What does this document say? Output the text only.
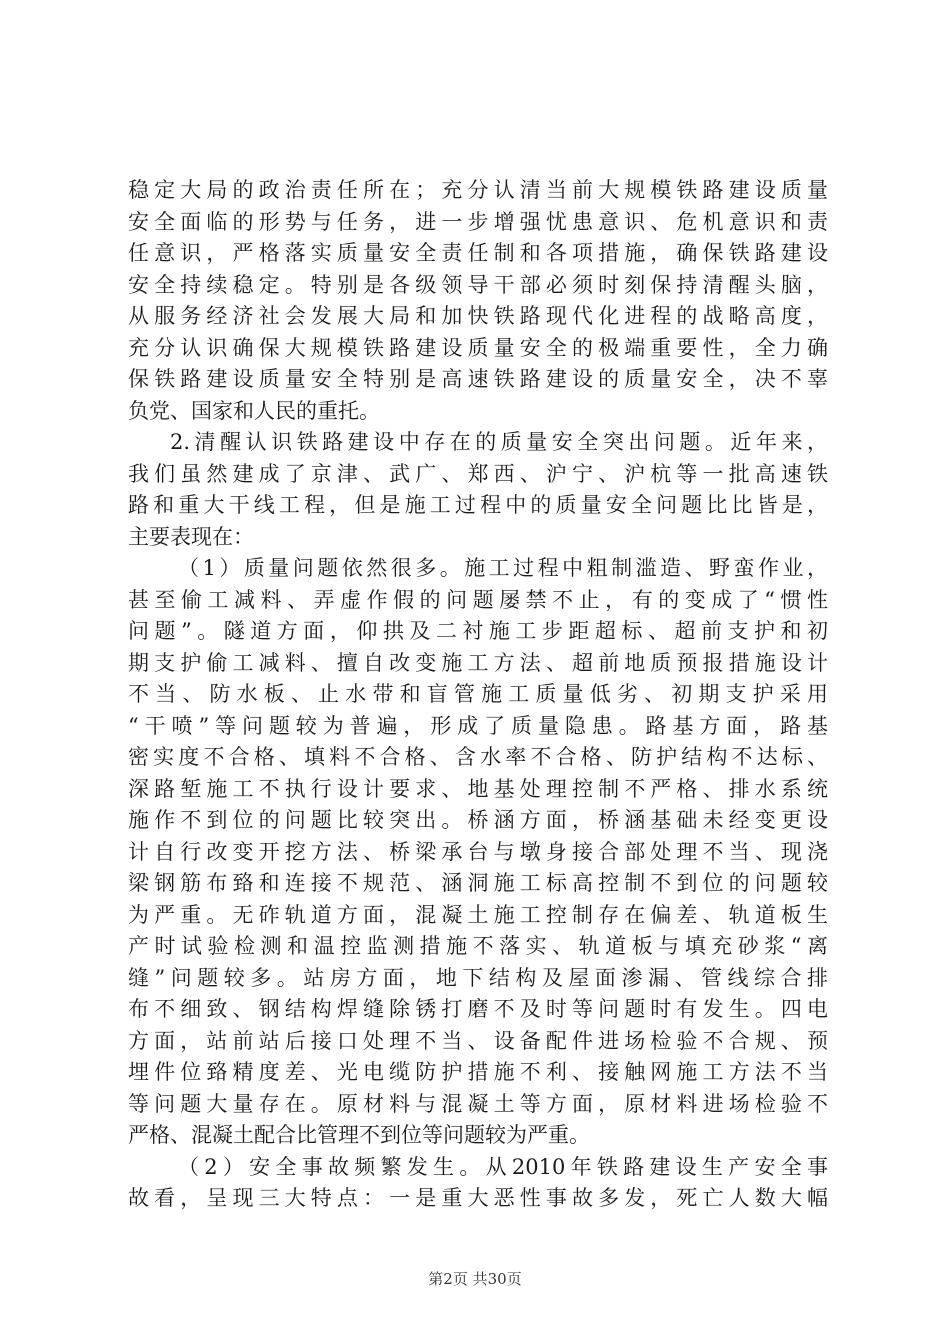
稳定大局的政治责任所在；充分认清当前大规模铁路建设质量
安全面临的形势与任务，进一步增强忧患意识、危机意识和责
任意识，严格落实质量安全责任制和各项措施，确保铁路建设
安全持续稳定。特别是各级领导干部必须时刻保持清醒头脑，
从服务经济社会发展大局和加快铁路现代化进程的战略高度，
充分认识确保大规模铁路建设质量安全的极端重要性，全力确
保铁路建设质量安全特别是高速铁路建设的质量安全，决不辜
负党、国家和人民的重托。
2.清醒认识铁路建设中存在的质量安全突出问题。近年来，
我们虽然建成了京津、武广、郑西、沪宁、沪杭等一批高速铁
路和重大干线工程，但是施工过程中的质量安全问题比比皆是，
主要表现在：
（1）质量问题依然很多。施工过程中粗制滥造、野蛮作业，
甚至偷工减料、弄虚作假的问题屡禁不止，有的变成了“惯性
问题”。隧道方面，仰拱及二衬施工步距超标、超前支护和初
期支护偷工减料、擅自改变施工方法、超前地质预报措施设计
不当、防水板、止水带和盲管施工质量低劣、初期支护采用
“干喷”等问题较为普遍，形成了质量隐患。路基方面，路基
密实度不合格、填料不合格、含水率不合格、防护结构不达标、
深路堑施工不执行设计要求、地基处理控制不严格、排水系统
施作不到位的问题比较突出。桥涵方面，桥涵基础未经变更设
计自行改变开挖方法、桥梁承台与墩身接合部处理不当、现浇
梁钢筋布臵和连接不规范、涵洞施工标高控制不到位的问题较
为严重。无砟轨道方面，混凝土施工控制存在偏差、轨道板生
产时试验检测和温控监测措施不落实、轨道板与填充砂浆“离
缝”问题较多。站房方面，地下结构及屋面渗漏、管线综合排
布不细致、钢结构焊缝除锈打磨不及时等问题时有发生。四电
方面，站前站后接口处理不当、设备配件进场检验不合规、预
埋件位臵精度差、光电缆防护措施不利、接触网施工方法不当
等问题大量存在。原材料与混凝土等方面，原材料进场检验不
严格、混凝土配合比管理不到位等问题较为严重。
（2）安全事故频繁发生。从2010年铁路建设生产安全事
故看，呈现三大特点：一是重大恶性事故多发，死亡人数大幅
第2页 共30页
